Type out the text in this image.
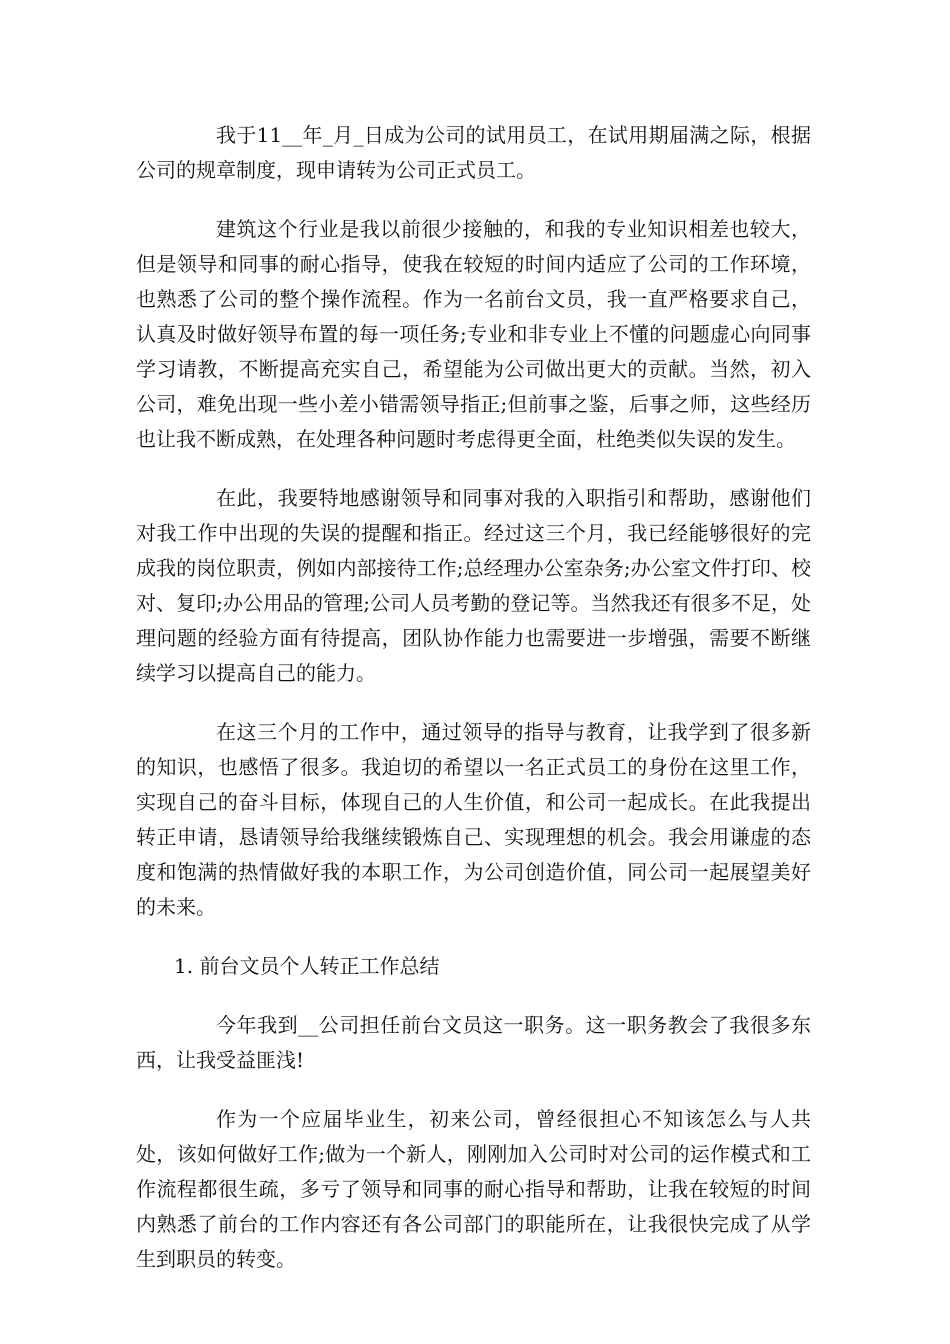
我于11__年_月_日成为公司的试用员工，在试用期届满之际，根据公司的规章制度，现申请转为公司正式员工。

建筑这个行业是我以前很少接触的，和我的专业知识相差也较大，但是领导和同事的耐心指导，使我在较短的时间内适应了公司的工作环境，也熟悉了公司的整个操作流程。作为一名前台文员，我一直严格要求自己，认真及时做好领导布置的每一项任务;专业和非专业上不懂的问题虚心向同事学习请教，不断提高充实自己，希望能为公司做出更大的贡献。当然，初入公司，难免出现一些小差小错需领导指正;但前事之鉴，后事之师，这些经历也让我不断成熟，在处理各种问题时考虑得更全面，杜绝类似失误的发生。

在此，我要特地感谢领导和同事对我的入职指引和帮助，感谢他们对我工作中出现的失误的提醒和指正。经过这三个月，我已经能够很好的完成我的岗位职责，例如内部接待工作;总经理办公室杂务;办公室文件打印、校对、复印;办公用品的管理;公司人员考勤的登记等。当然我还有很多不足，处理问题的经验方面有待提高，团队协作能力也需要进一步增强，需要不断继续学习以提高自己的能力。

在这三个月的工作中，通过领导的指导与教育，让我学到了很多新的知识，也感悟了很多。我迫切的希望以一名正式员工的身份在这里工作，实现自己的奋斗目标，体现自己的人生价值，和公司一起成长。在此我提出转正申请，恳请领导给我继续锻炼自己、实现理想的机会。我会用谦虚的态度和饱满的热情做好我的本职工作，为公司创造价值，同公司一起展望美好的未来。

1. 前台文员个人转正工作总结

今年我到__公司担任前台文员这一职务。这一职务教会了我很多东西，让我受益匪浅!

作为一个应届毕业生，初来公司，曾经很担心不知该怎么与人共处，该如何做好工作;做为一个新人，刚刚加入公司时对公司的运作模式和工作流程都很生疏，多亏了领导和同事的耐心指导和帮助，让我在较短的时间内熟悉了前台的工作内容还有各公司部门的职能所在，让我很快完成了从学生到职员的转变。
